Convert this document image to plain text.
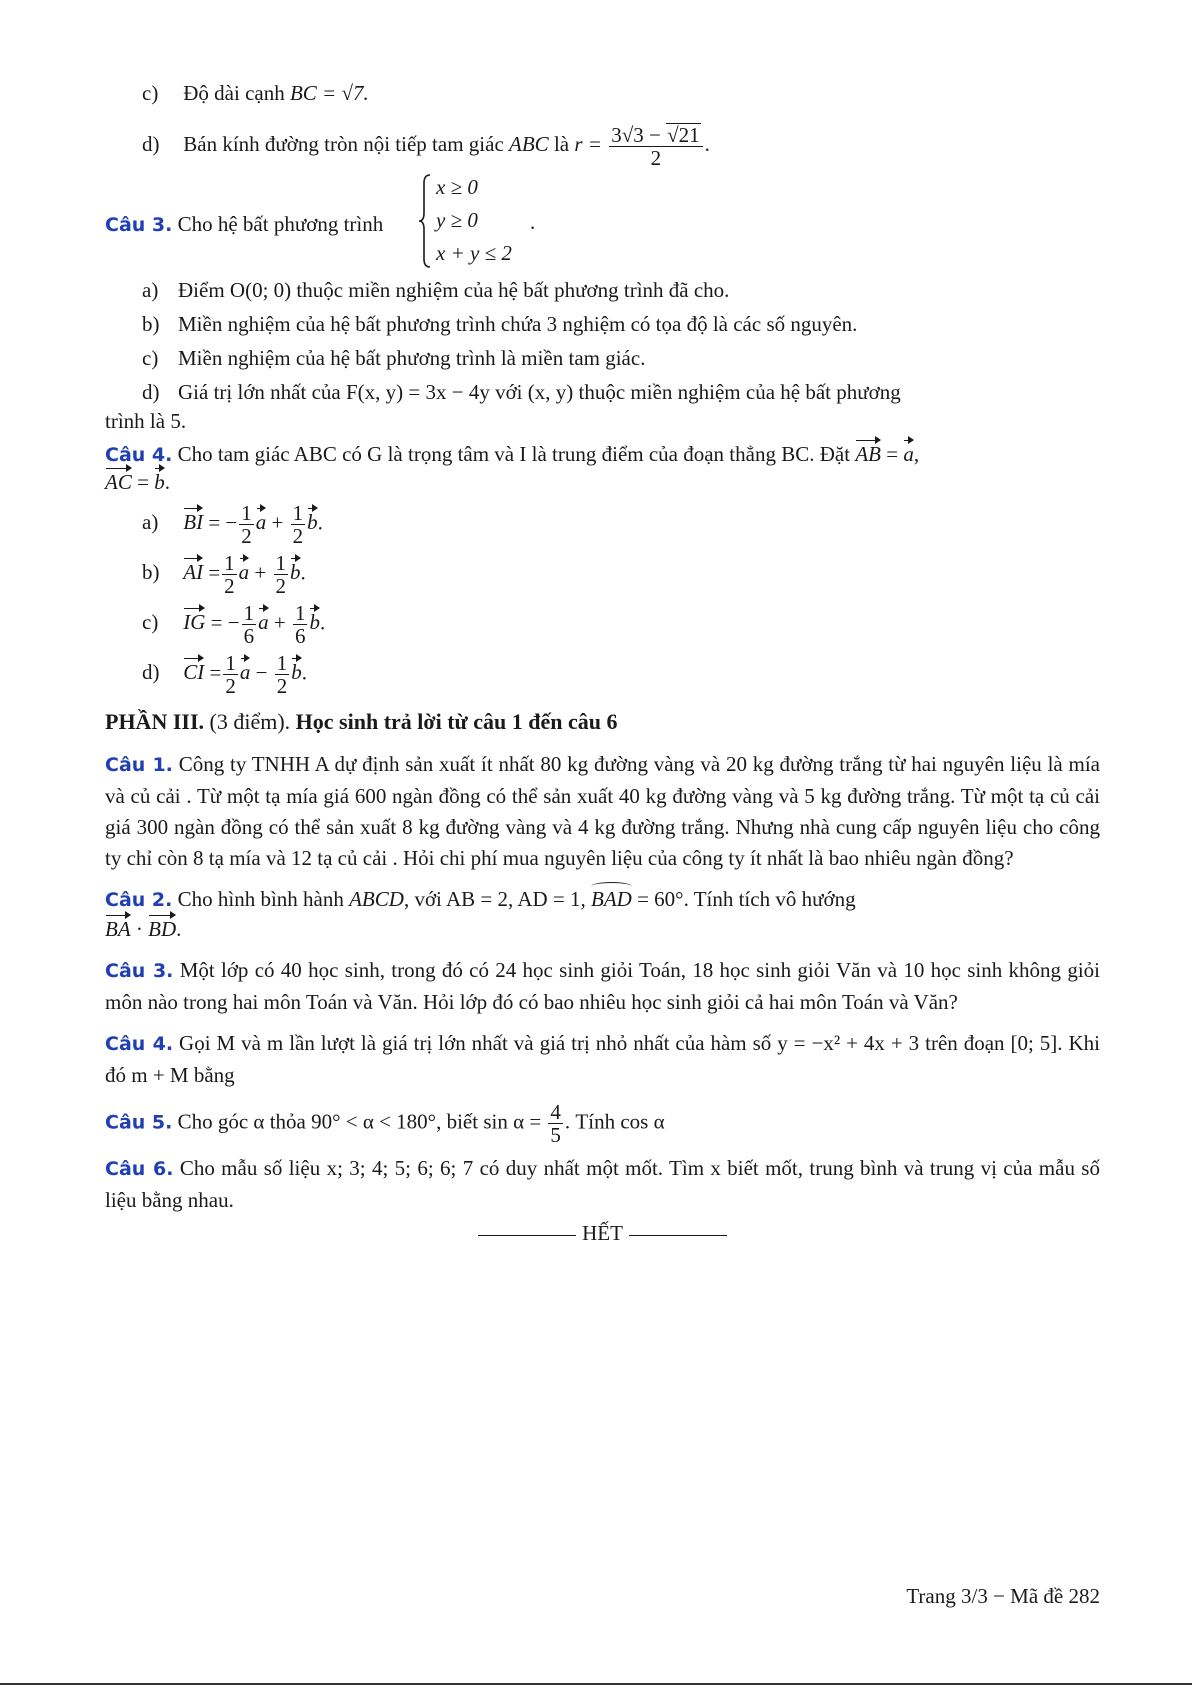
c) Độ dài cạnh BC = √7.
d) Bán kính đường tròn nội tiếp tam giác ABC là $r = \frac{3√3 - √21}{2}$ .
Câu 3. Cho hệ bất phương trình
x ≥ 0
y ≥ 0
x + y ≤ 2
.
a) Điểm O(0; 0) thuộc miền nghiệm của hệ bất phương trình đã cho.
b) Miền nghiệm của hệ bất phương trình chứa 3 nghiệm có tọa độ là các số nguyên.
c) Miền nghiệm của hệ bất phương trình là miền tam giác.
d) Giá trị lớn nhất của F(x, y) = 3x − 4y với (x, y) thuộc miền nghiệm của hệ bất phương
trình là 5.
Câu 4. Cho tam giác ABC có G là trọng tâm và I là trung điểm của đoạn thẳng BC. Đặt AB = a,
AC = b.
a) BI = − $\frac{1}{2}$ $a + \frac{1}{2} b$.
b) AI = $\frac{1}{2}$ $a + \frac{1}{2} b$.
c) IG = − $\frac{1}{6}$ $a + \frac{1}{6} b$.
d) CI = $\frac{1}{2}$ $a - \frac{1}{2} b$.
PHẦN III. (3 điểm). Học sinh trả lời từ câu 1 đến câu 6
Câu 1. Công ty TNHH A dự định sản xuất ít nhất 80 kg đường vàng và 20 kg đường trắng từ hai nguyên liệu là mía và củ cải . Từ một tạ mía giá 600 ngàn đồng có thể sản xuất 40 kg đường vàng và 5 kg đường trắng. Từ một tạ củ cải giá 300 ngàn đồng có thể sản xuất 8 kg đường vàng và 4 kg đường trắng. Nhưng nhà cung cấp nguyên liệu cho công ty chỉ còn 8 tạ mía và 12 tạ củ cải . Hỏi chi phí mua nguyên liệu của công ty ít nhất là bao nhiêu ngàn đồng?
Câu 2. Cho hình bình hành ABCD, với AB = 2, AD = 1, BAD = 60°. Tính tích vô hướng
BA · BD.
Câu 3. Một lớp có 40 học sinh, trong đó có 24 học sinh giỏi Toán, 18 học sinh giỏi Văn và 10 học sinh không giỏi môn nào trong hai môn Toán và Văn. Hỏi lớp đó có bao nhiêu học sinh giỏi cả hai môn Toán và Văn?
Câu 4. Gọi M và m lần lượt là giá trị lớn nhất và giá trị nhỏ nhất của hàm số y = −x² + 4x + 3 trên đoạn [0; 5]. Khi đó m + M bằng
Câu 5. Cho góc α thỏa 90° < α < 180°, biết $\sin \alpha = \frac{4}{5}$ . Tính cos α
Câu 6. Cho mẫu số liệu x; 3; 4; 5; 6; 6; 7 có duy nhất một mốt. Tìm x biết mốt, trung bình và trung vị của mẫu số liệu bằng nhau.
HẾT
Trang 3/3 − Mã đề 282
